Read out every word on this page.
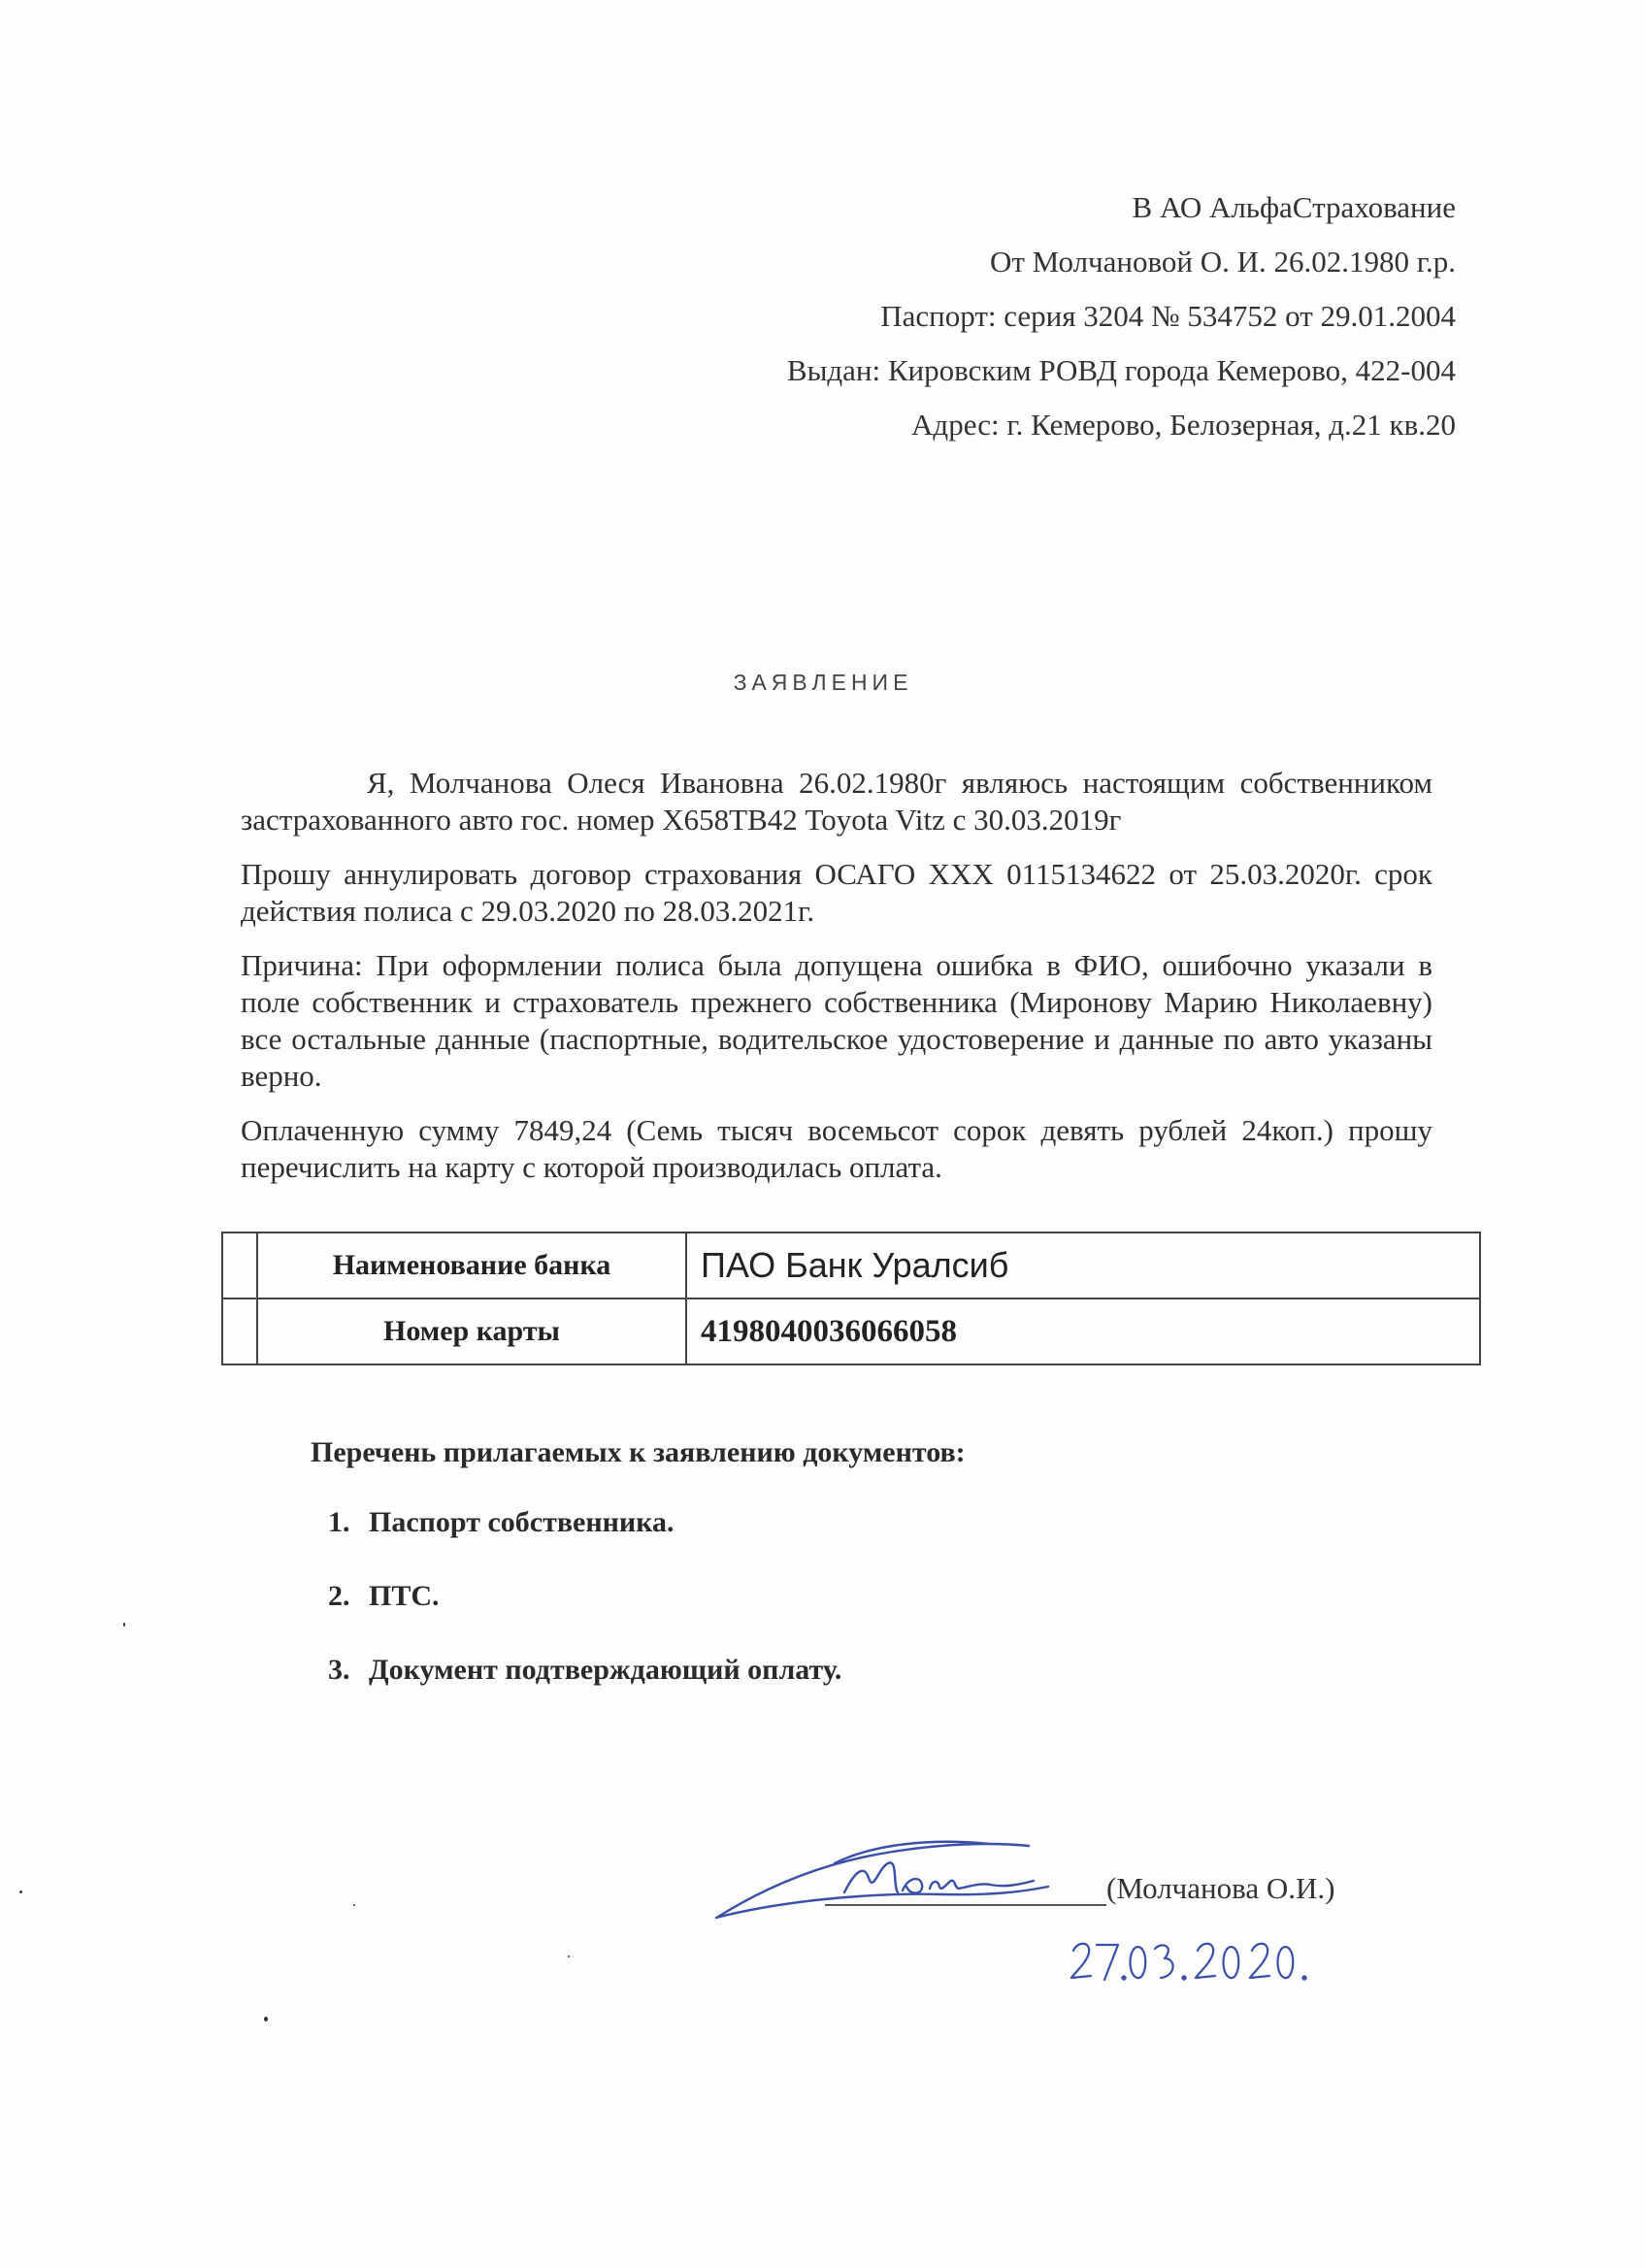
В АО АльфаСтрахование
От Молчановой О. И. 26.02.1980 г.р.
Паспорт: серия 3204 № 534752 от 29.01.2004
Выдан: Кировским РОВД города Кемерово, 422-004
Адрес: г. Кемерово, Белозерная, д.21 кв.20
ЗАЯВЛЕНИЕ

Я, Молчанова Олеся Ивановна 26.02.1980г являюсь настоящим собственником застрахованного авто гос. номер Х658ТВ42 Toyota Vitz с 30.03.2019г

Прошу аннулировать договор страхования ОСАГО ХХХ 0115134622 от 25.03.2020г. срок действия полиса с 29.03.2020 по 28.03.2021г.

Причина: При оформлении полиса была допущена ошибка в ФИО, ошибочно указали в поле собственник и страхователь прежнего собственника (Миронову Марию Николаевну) все остальные данные (паспортные, водительское удостоверение и данные по авто указаны верно.

Оплаченную сумму 7849,24 (Семь тысяч восемьсот сорок девять рублей 24коп.) прошу перечислить на карту с которой производилась оплата.

	Наименование банка	ПАО Банк Уралсиб
	Номер карты	4198040036066058
Перечень прилагаемых к заявлению документов:
1. Паспорт собственника.
2. ПТС.
3. Документ подтверждающий оплату.
(Молчанова О.И.)
